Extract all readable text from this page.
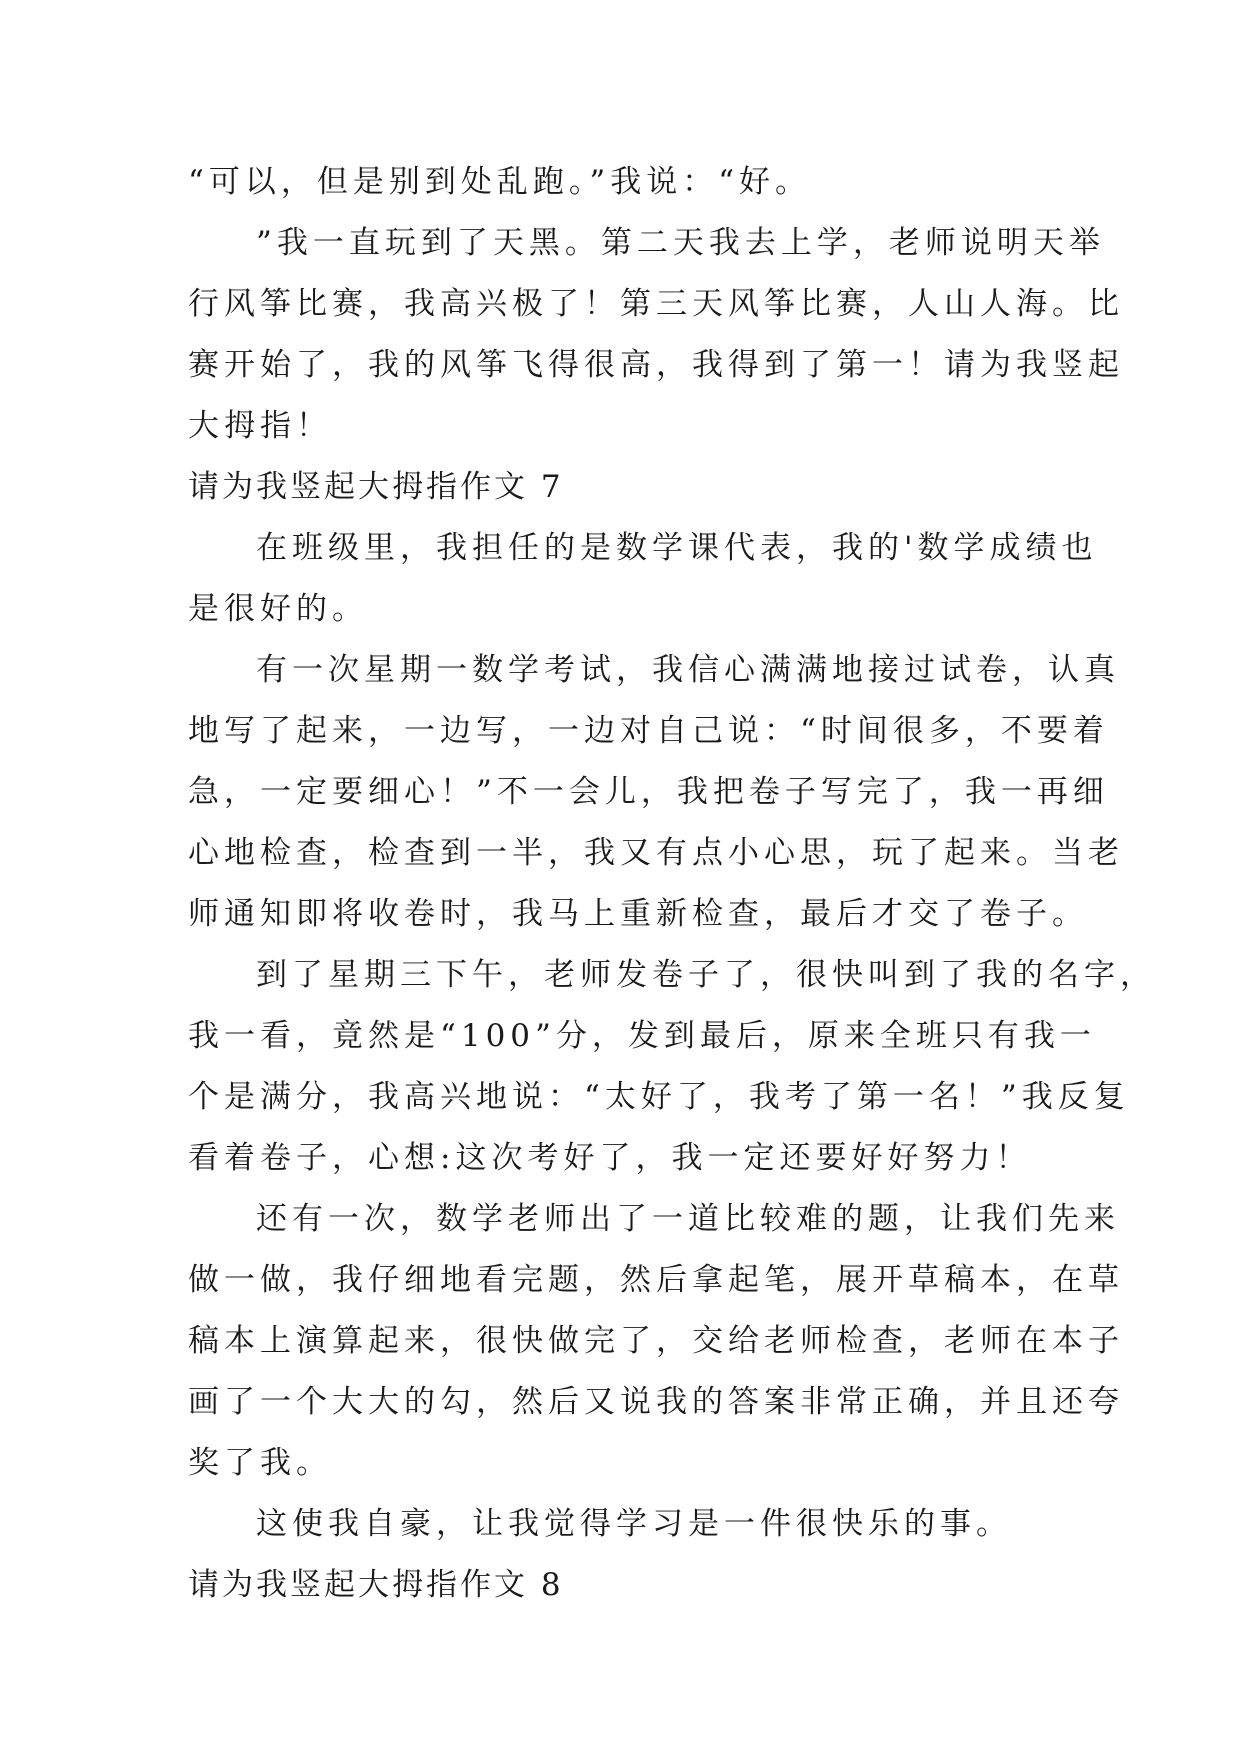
“可以，但是别到处乱跑。”我说：“好。
”我一直玩到了天黑。第二天我去上学，老师说明天举
行风筝比赛，我高兴极了！第三天风筝比赛，人山人海。比
赛开始了，我的风筝飞得很高，我得到了第一！请为我竖起
大拇指！
请为我竖起大拇指作文 7
在班级里，我担任的是数学课代表，我的'数学成绩也
是很好的。
有一次星期一数学考试，我信心满满地接过试卷，认真
地写了起来，一边写，一边对自己说：“时间很多，不要着
急，一定要细心！”不一会儿，我把卷子写完了，我一再细
心地检查，检查到一半，我又有点小心思，玩了起来。当老
师通知即将收卷时，我马上重新检查，最后才交了卷子。
到了星期三下午，老师发卷子了，很快叫到了我的名字，
我一看，竟然是“100”分，发到最后，原来全班只有我一
个是满分，我高兴地说：“太好了，我考了第一名！”我反复
看着卷子，心想:这次考好了，我一定还要好好努力！
还有一次，数学老师出了一道比较难的题，让我们先来
做一做，我仔细地看完题，然后拿起笔，展开草稿本，在草
稿本上演算起来，很快做完了，交给老师检查，老师在本子
画了一个大大的勾，然后又说我的答案非常正确，并且还夸
奖了我。
这使我自豪，让我觉得学习是一件很快乐的事。
请为我竖起大拇指作文 8
